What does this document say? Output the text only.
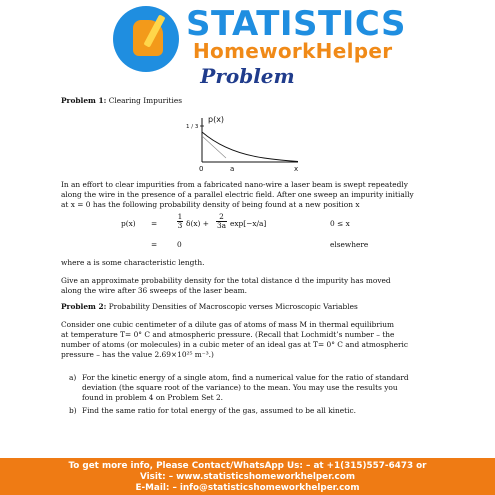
STATISTICS
HomeworkHelper
Problem
Problem 1: Clearing Impurities
p(x)
1 / 3
0	a	x
In an effort to clear impurities from a fabricated nano-wire a laser beam is swept repeatedly
along the wire in the presence of a parallel electric field. After one sweep an impurity initially
at x = 0 has the following probability density of being found at a new position x
p(x) =
1
3 δ(x) +
2
3a exp[−x/a]	0 ≤ x
=	0	elsewhere
where a is some characteristic length.
Give an approximate probability density for the total distance d the impurity has moved
along the wire after 36 sweeps of the laser beam.
Problem 2: Probability Densities of Macroscopic verses Microscopic Variables
Consider one cubic centimeter of a dilute gas of atoms of mass M in thermal equilibrium
at temperature T= 0° C and atmospheric pressure. (Recall that Lochmidt’s number – the
number of atoms (or molecules) in a cubic meter of an ideal gas at T= 0° C and atmospheric
pressure – has the value 2.69×10²⁵ m⁻³.)
a) For the kinetic energy of a single atom, find a numerical value for the ratio of standard
deviation (the square root of the variance) to the mean. You may use the results you
found in problem 4 on Problem Set 2.
b) Find the same ratio for total energy of the gas, assumed to be all kinetic.
To get more info, Please Contact/WhatsApp Us: – at +1(315)557-6473 or
Visit: – www.statisticshomeworkhelper.com
E-Mail: – info@statisticshomeworkhelper.com
